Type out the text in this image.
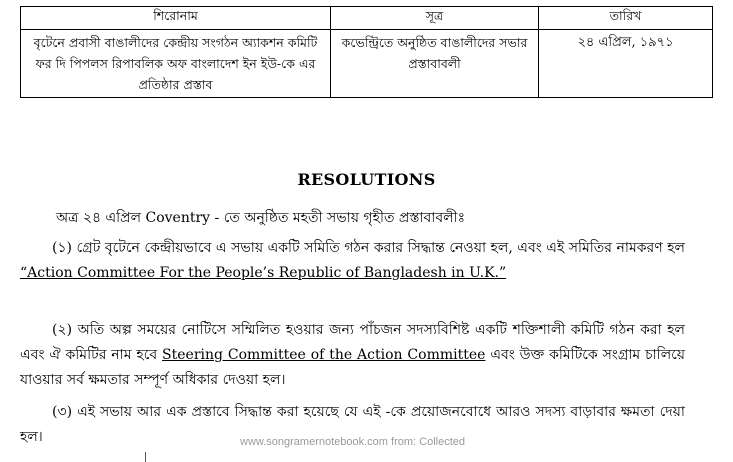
শিরোনাম	সূত্র	তারিখ
বৃটেনে প্রবাসী বাঙালীদের কেন্দ্রীয় সংগঠন অ্যাকশন কমিটি ফর দি পিপলস রিপাবলিক অফ বাংলাদেশ ইন ইউ-কে এর প্রতিষ্ঠার প্রস্তাব	কভেন্ট্রিতে অনুষ্ঠিত বাঙালীদের সভার প্রস্তাবাবলী	২৪ এপ্রিল, ১৯৭১
RESOLUTIONS
অত্র ২৪ এপ্রিল Coventry - তে অনুষ্ঠিত মহতী সভায় গৃহীত প্রস্তাবাবলীঃ
(১) গ্রেট বৃটেনে কেন্দ্রীয়ভাবে এ সভায় একটি সমিতি গঠন করার সিদ্ধান্ত নেওয়া হল, এবং এই সমিতির নামকরণ হল “Action Committee For the People’s Republic of Bangladesh in U.K.”
(২) অতি অল্প সময়ের নোটিসে সম্মিলিত হওয়ার জন্য পাঁচজন সদস্যবিশিষ্ট একটি শক্তিশালী কমিটি গঠন করা হল এবং ঐ কমিটির নাম হবে Steering Committee of the Action Committee এবং উক্ত কমিটিকে সংগ্রাম চালিয়ে যাওয়ার সর্ব ক্ষমতার সম্পূর্ণ অধিকার দেওয়া হল।
(৩) এই সভায় আর এক প্রস্তাবে সিদ্ধান্ত করা হয়েছে যে এই -কে প্রয়োজনবোধে আরও সদস্য বাড়াবার ক্ষমতা দেয়া হল।	www.songramernotebook.com from: Collected
